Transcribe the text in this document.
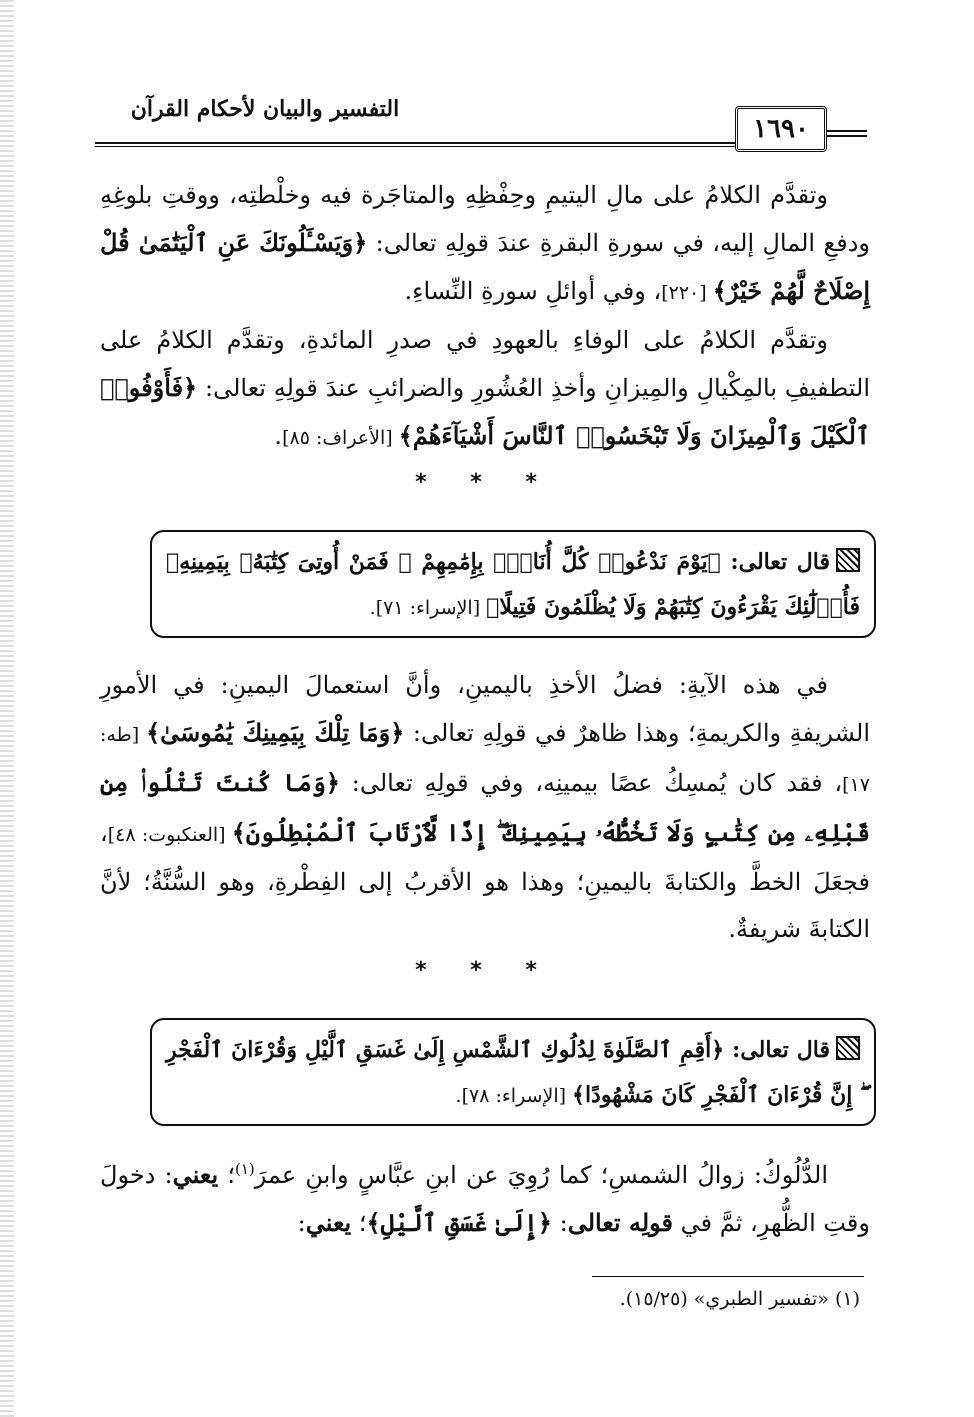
التفسير والبيان لأحكام القرآن
١٦٩٠

وتقدَّم الكلامُ على مالِ اليتيمِ وحِفْظِهِ والمتاجَرة فيه وخلْطتِه، ووقتِ بلوغِهِ ودفعِ المالِ إليه، في سورةِ البقرةِ عندَ قولِهِ تعالى: ﴿وَيَسْـَٔلُونَكَ عَنِ ٱلْيَتَٰمَىٰ قُلْ إِصْلَاحٌ لَّهُمْ خَيْرٌ﴾ [٢٢٠]، وفي أوائلِ سورةِ النِّساءِ.

وتقدَّم الكلامُ على الوفاءِ بالعهودِ في صدرِ المائدةِ، وتقدَّم الكلامُ على التطفيفِ بالمِكْيالِ والمِيزانِ وأخذِ العُشُورِ والضرائبِ عندَ قولِهِ تعالى: ﴿فَأَوْفُوا۟ ٱلْكَيْلَ وَٱلْمِيزَانَ وَلَا تَبْخَسُوا۟ ٱلنَّاسَ أَشْيَآءَهُمْ﴾ [الأعراف: ٨٥].

* * *
قال تعالى: ﴿يَوْمَ نَدْعُوا۟ كُلَّ أُنَاسٍۭ بِإِمَٰمِهِمْ ۖ فَمَنْ أُوتِىَ كِتَٰبَهُۥ بِيَمِينِهِۦ فَأُو۟لَٰٓئِكَ يَقْرَءُونَ كِتَٰبَهُمْ وَلَا يُظْلَمُونَ فَتِيلًا﴾ [الإسراء: ٧١].

في هذه الآيةِ: فضلُ الأخذِ باليمينِ، وأنَّ استعمالَ اليمينِ: في الأمورِ الشريفةِ والكريمةِ؛ وهذا ظاهرٌ في قولِهِ تعالى: ﴿وَمَا تِلْكَ بِيَمِينِكَ يَٰمُوسَىٰ﴾ [طه: ١٧]، فقد كان يُمسِكُ عصًا بيمينِه، وفي قولِهِ تعالى: ﴿وَمَا كُنتَ تَتْلُوا۟ مِن قَبْلِهِۦ مِن كِتَٰبٍ وَلَا تَخُطُّهُۥ بِيَمِينِكَ ۖ إِذًا لَّٱرْتَابَ ٱلْمُبْطِلُونَ﴾ [العنكبوت: ٤٨]، فجعَلَ الخطَّ والكتابةَ باليمينِ؛ وهذا هو الأقربُ إلى الفِطْرةِ، وهو السُّنَّةُ؛ لأنَّ الكتابةَ شريفةٌ.

* * *
قال تعالى: ﴿أَقِمِ ٱلصَّلَوٰةَ لِدُلُوكِ ٱلشَّمْسِ إِلَىٰ غَسَقِ ٱلَّيْلِ وَقُرْءَانَ ٱلْفَجْرِ ۖ إِنَّ قُرْءَانَ ٱلْفَجْرِ كَانَ مَشْهُودًا﴾ [الإسراء: ٧٨].

الدُّلُوكُ: زوالُ الشمسِ؛ كما رُوِيَ عن ابنِ عبَّاسٍ وابنِ عمرَ$^{(١)}$؛ يعني: دخولَ وقتِ الظُّهرِ، ثمَّ في قولِه تعالى: ﴿إِلَىٰ غَسَقِ ٱلَّيْلِ﴾؛ يعني:

(١) «تفسير الطبري» (١٥/٢٥).
